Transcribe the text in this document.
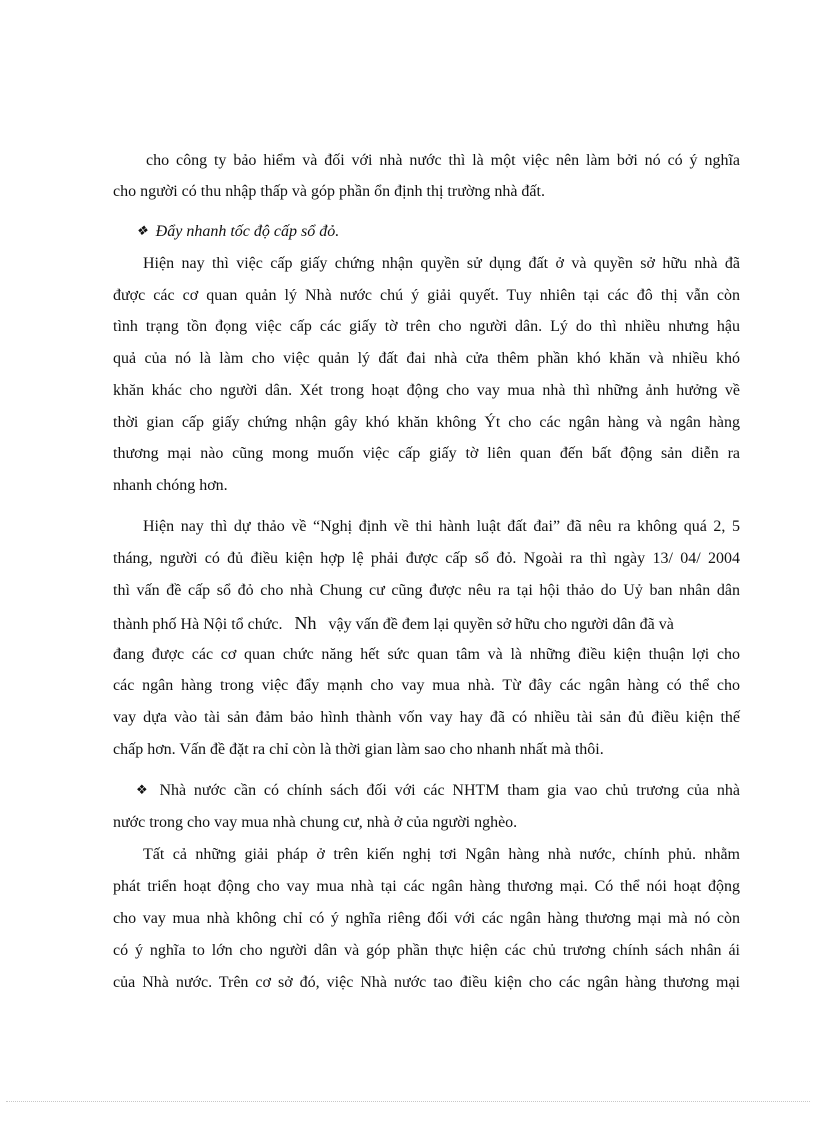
cho công ty bảo hiểm và đối với nhà nước thì là một việc nên làm bởi nó có ý nghĩa
cho người có thu nhập thấp và góp phần ổn định thị trường nhà đất.
❖ Đẩy nhanh tốc độ cấp sổ đỏ.
Hiện nay thì việc cấp giấy chứng nhận quyền sử dụng đất ở và quyền sở hữu nhà đã
được các cơ quan quản lý Nhà nước chú ý giải quyết. Tuy nhiên tại các đô thị vẫn còn
tình trạng tồn đọng việc cấp các giấy tờ trên cho người dân. Lý do thì nhiều nhưng hậu
quả của nó là làm cho việc quản lý đất đai nhà cửa thêm phần khó khăn và nhiều khó
khăn khác cho người dân. Xét trong hoạt động cho vay mua nhà thì những ảnh hưởng về
thời gian cấp giấy chứng nhận gây khó khăn không Ýt cho các ngân hàng và ngân hàng
thương mại nào cũng mong muốn việc cấp giấy tờ liên quan đến bất động sản diễn ra
nhanh chóng hơn.
Hiện nay thì dự thảo về “Nghị định về thi hành luật đất đai” đã nêu ra không quá 2, 5
tháng, người có đủ điều kiện hợp lệ phải được cấp sổ đỏ. Ngoài ra thì ngày 13/ 04/ 2004
thì vấn đề cấp sổ đỏ cho nhà Chung cư cũng được nêu ra tại hội thảo do Uỷ ban nhân dân
thành phố Hà Nội tổ chức. Nh vậy vấn đề đem lại quyền sở hữu cho người dân đã và
đang được các cơ quan chức năng hết sức quan tâm và là những điều kiện thuận lợi cho
các ngân hàng trong việc đẩy mạnh cho vay mua nhà. Từ đây các ngân hàng có thể cho
vay dựa vào tài sản đảm bảo hình thành vốn vay hay đã có nhiều tài sản đủ điều kiện thế
chấp hơn. Vấn đề đặt ra chỉ còn là thời gian làm sao cho nhanh nhất mà thôi.
❖ Nhà nước cần có chính sách đối với các NHTM tham gia vao chủ trương của nhà
nước trong cho vay mua nhà chung cư, nhà ở của người nghèo.
Tất cả những giải pháp ở trên kiến nghị tơi Ngân hàng nhà nước, chính phủ. nhằm
phát triển hoạt động cho vay mua nhà tại các ngân hàng thương mại. Có thể nói hoạt động
cho vay mua nhà không chỉ có ý nghĩa riêng đối với các ngân hàng thương mại mà nó còn
có ý nghĩa to lớn cho người dân và góp phần thực hiện các chủ trương chính sách nhân ái
của Nhà nước. Trên cơ sở đó, việc Nhà nước tao điều kiện cho các ngân hàng thương mại
